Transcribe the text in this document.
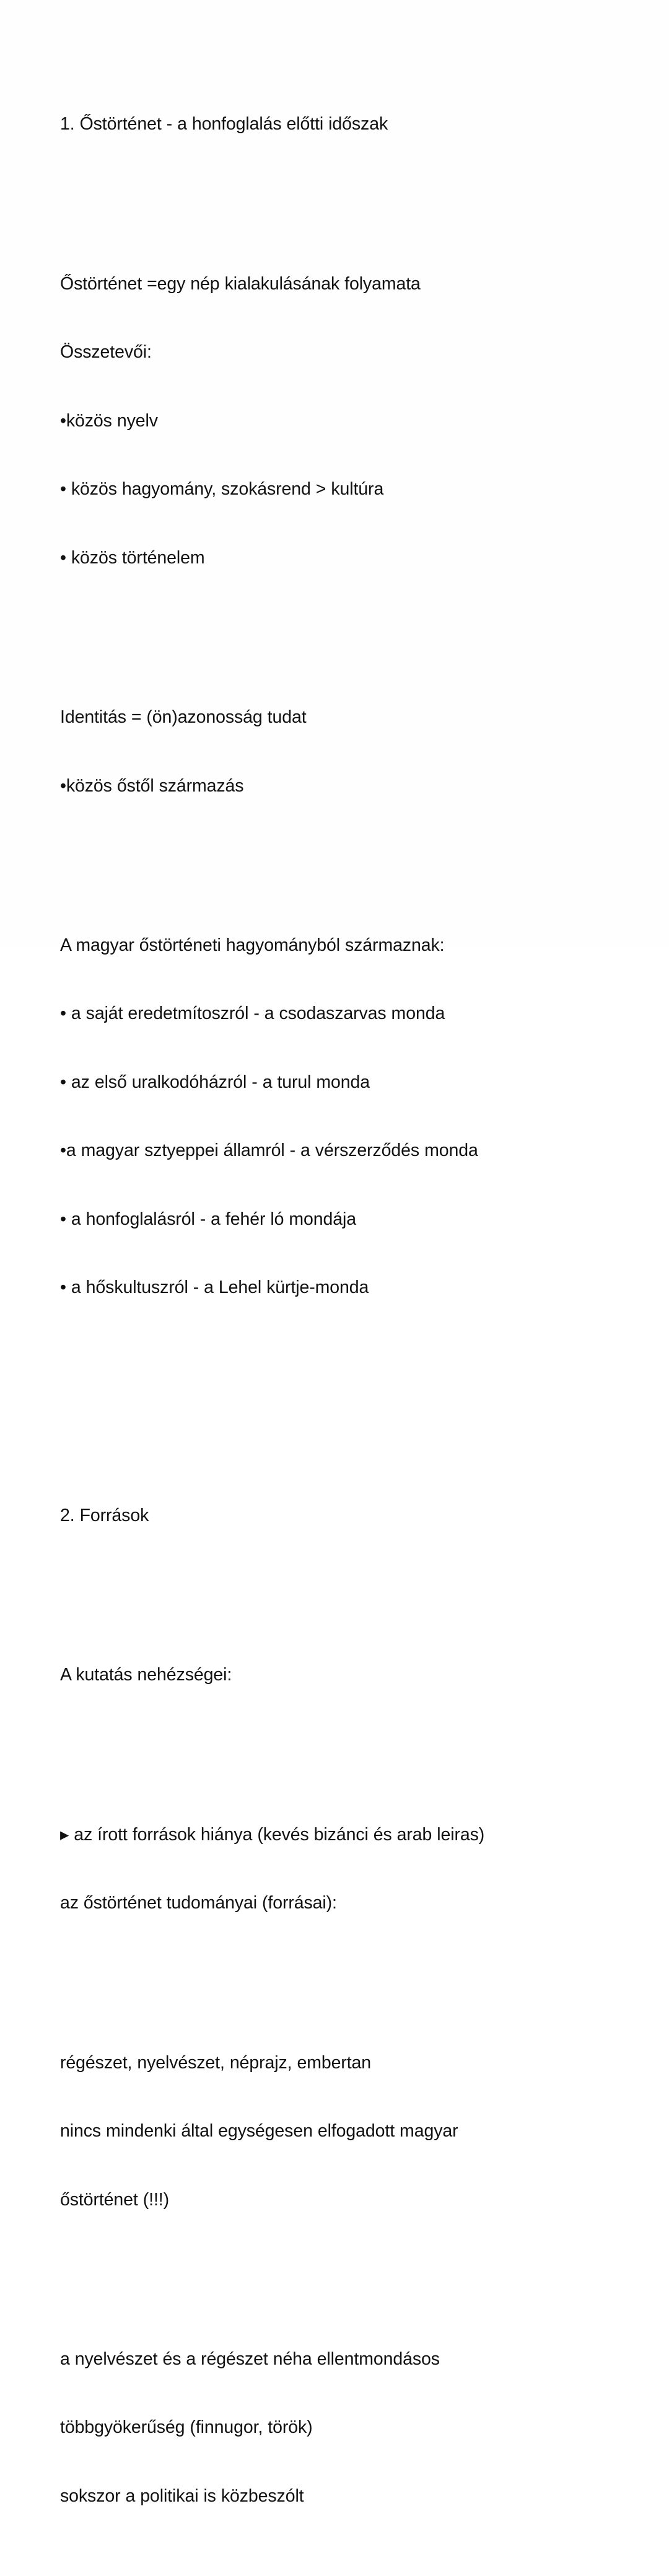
1. Őstörténet - a honfoglalás előtti időszak

Őstörténet =egy nép kialakulásának folyamata

Összetevői:

•közös nyelv

• közös hagyomány, szokásrend > kultúra

• közös történelem

Identitás = (ön)azonosság tudat

•közös őstől származás

A magyar őstörténeti hagyományból származnak:

• a saját eredetmítoszról - a csodaszarvas monda

• az első uralkodóházról - a turul monda

•a magyar sztyeppei államról - a vérszerződés monda

• a honfoglalásról - a fehér ló mondája

• a hőskultuszról - a Lehel kürtje-monda

2. Források

A kutatás nehézségei:

▸ az írott források hiánya (kevés bizánci és arab leiras)

az őstörténet tudományai (forrásai):

régészet, nyelvészet, néprajz, embertan

nincs mindenki által egységesen elfogadott magyar

őstörténet (!!!)

a nyelvészet és a régészet néha ellentmondásos

többgyökerűség (finnugor, török)

sokszor a politikai is közbeszólt
